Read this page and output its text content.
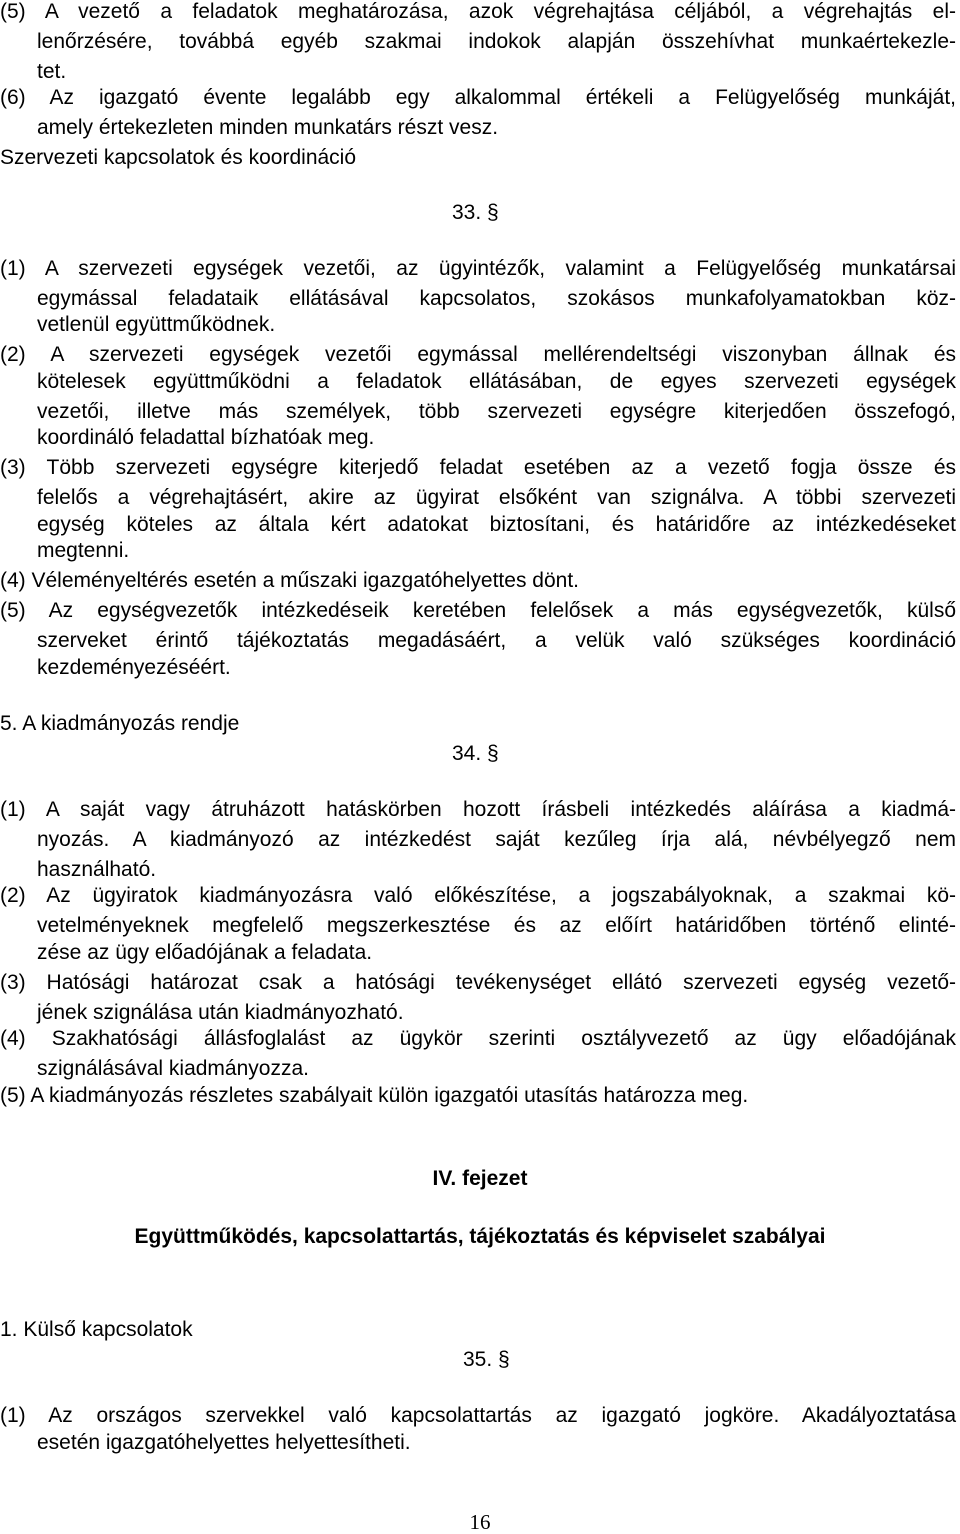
(5) A vezető a feladatok meghatározása, azok végrehajtása céljából, a végrehajtás el-
lenőrzésére, továbbá egyéb szakmai indokok alapján összehívhat munkaértekezle-
tet.
(6) Az igazgató évente legalább egy alkalommal értékeli a Felügyelőség munkáját,
amely értekezleten minden munkatárs részt vesz.
Szervezeti kapcsolatok és koordináció
33. §
(1) A szervezeti egységek vezetői, az ügyintézők, valamint a Felügyelőség munkatársai
egymással feladataik ellátásával kapcsolatos, szokásos munkafolyamatokban köz-
vetlenül együttműködnek.
(2) A szervezeti egységek vezetői egymással mellérendeltségi viszonyban állnak és
kötelesek együttműködni a feladatok ellátásában, de egyes szervezeti egységek
vezetői, illetve más személyek, több szervezeti egységre kiterjedően összefogó,
koordináló feladattal bízhatóak meg.
(3) Több szervezeti egységre kiterjedő feladat esetében az a vezető fogja össze és
felelős a végrehajtásért, akire az ügyirat elsőként van szignálva. A többi szervezeti
egység köteles az általa kért adatokat biztosítani, és határidőre az intézkedéseket
megtenni.
(4) Véleményeltérés esetén a műszaki igazgatóhelyettes dönt.
(5) Az egységvezetők intézkedéseik keretében felelősek a más egységvezetők, külső
szerveket érintő tájékoztatás megadásáért, a velük való szükséges koordináció
kezdeményezéséért.
5. A kiadmányozás rendje
34. §
(1) A saját vagy átruházott hatáskörben hozott írásbeli intézkedés aláírása a kiadmá-
nyozás. A kiadmányozó az intézkedést saját kezűleg írja alá, névbélyegző nem
használható.
(2) Az ügyiratok kiadmányozásra való előkészítése, a jogszabályoknak, a szakmai kö-
vetelményeknek megfelelő megszerkesztése és az előírt határidőben történő elinté-
zése az ügy előadójának a feladata.
(3) Hatósági határozat csak a hatósági tevékenységet ellátó szervezeti egység vezető-
jének szignálása után kiadmányozható.
(4) Szakhatósági állásfoglalást az ügykör szerinti osztályvezető az ügy előadójának
szignálásával kiadmányozza.
(5) A kiadmányozás részletes szabályait külön igazgatói utasítás határozza meg.
IV. fejezet
Együttműködés, kapcsolattartás, tájékoztatás és képviselet szabályai
1. Külső kapcsolatok
35. §
(1) Az országos szervekkel való kapcsolattartás az igazgató jogköre. Akadályoztatása
esetén igazgatóhelyettes helyettesítheti.
16
